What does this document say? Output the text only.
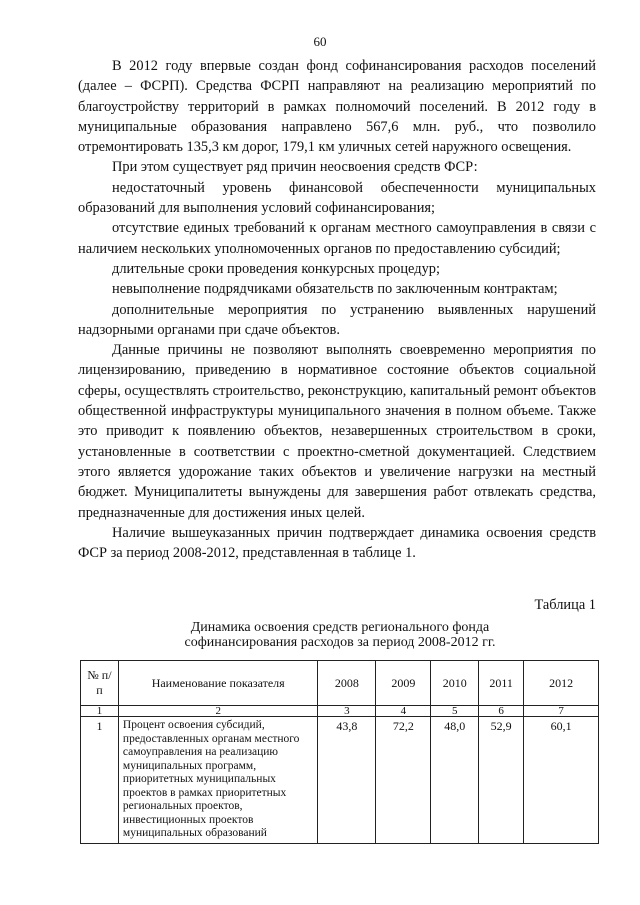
60

В 2012 году впервые создан фонд софинансирования расходов поселений (далее – ФСРП). Средства ФСРП направляют на реализацию мероприятий по благоустройству территорий в рамках полномочий поселений. В 2012 году в муниципальные образования направлено 567,6 млн. руб., что позволило отремонтировать 135,3 км дорог, 179,1 км уличных сетей наружного освещения.

При этом существует ряд причин неосвоения средств ФСР:

недостаточный уровень финансовой обеспеченности муниципальных образований для выполнения условий софинансирования;

отсутствие единых требований к органам местного самоуправления в связи с наличием нескольких уполномоченных органов по предоставлению субсидий;

длительные сроки проведения конкурсных процедур;

невыполнение подрядчиками обязательств по заключенным контрактам;

дополнительные мероприятия по устранению выявленных нарушений надзорными органами при сдаче объектов.

Данные причины не позволяют выполнять своевременно мероприятия по лицензированию, приведению в нормативное состояние объектов социальной сферы, осуществлять строительство, реконструкцию, капитальный ремонт объектов общественной инфраструктуры муниципального значения в полном объеме. Также это приводит к появлению объектов, незавершенных строительством в сроки, установленные в соответствии с проектно-сметной документацией. Следствием этого является удорожание таких объектов и увеличение нагрузки на местный бюджет. Муниципалитеты вынуждены для завершения работ отвлекать средства, предназначенные для достижения иных целей.

Наличие вышеуказанных причин подтверждает динамика освоения средств ФСР за период 2008-2012, представленная в таблице 1.

Таблица 1
Динамика освоения средств регионального фонда
софинансирования расходов за период 2008-2012 гг.
№ п/п	Наименование показателя	2008	2009	2010	2011	2012
1	2	3	4	5	6	7
1	Процент освоения субсидий, предоставленных органам местного самоуправления на реализацию муниципальных программ, приоритетных муниципальных проектов в рамках приоритетных региональных проектов, инвестиционных проектов муниципальных образований	43,8	72,2	48,0	52,9	60,1
